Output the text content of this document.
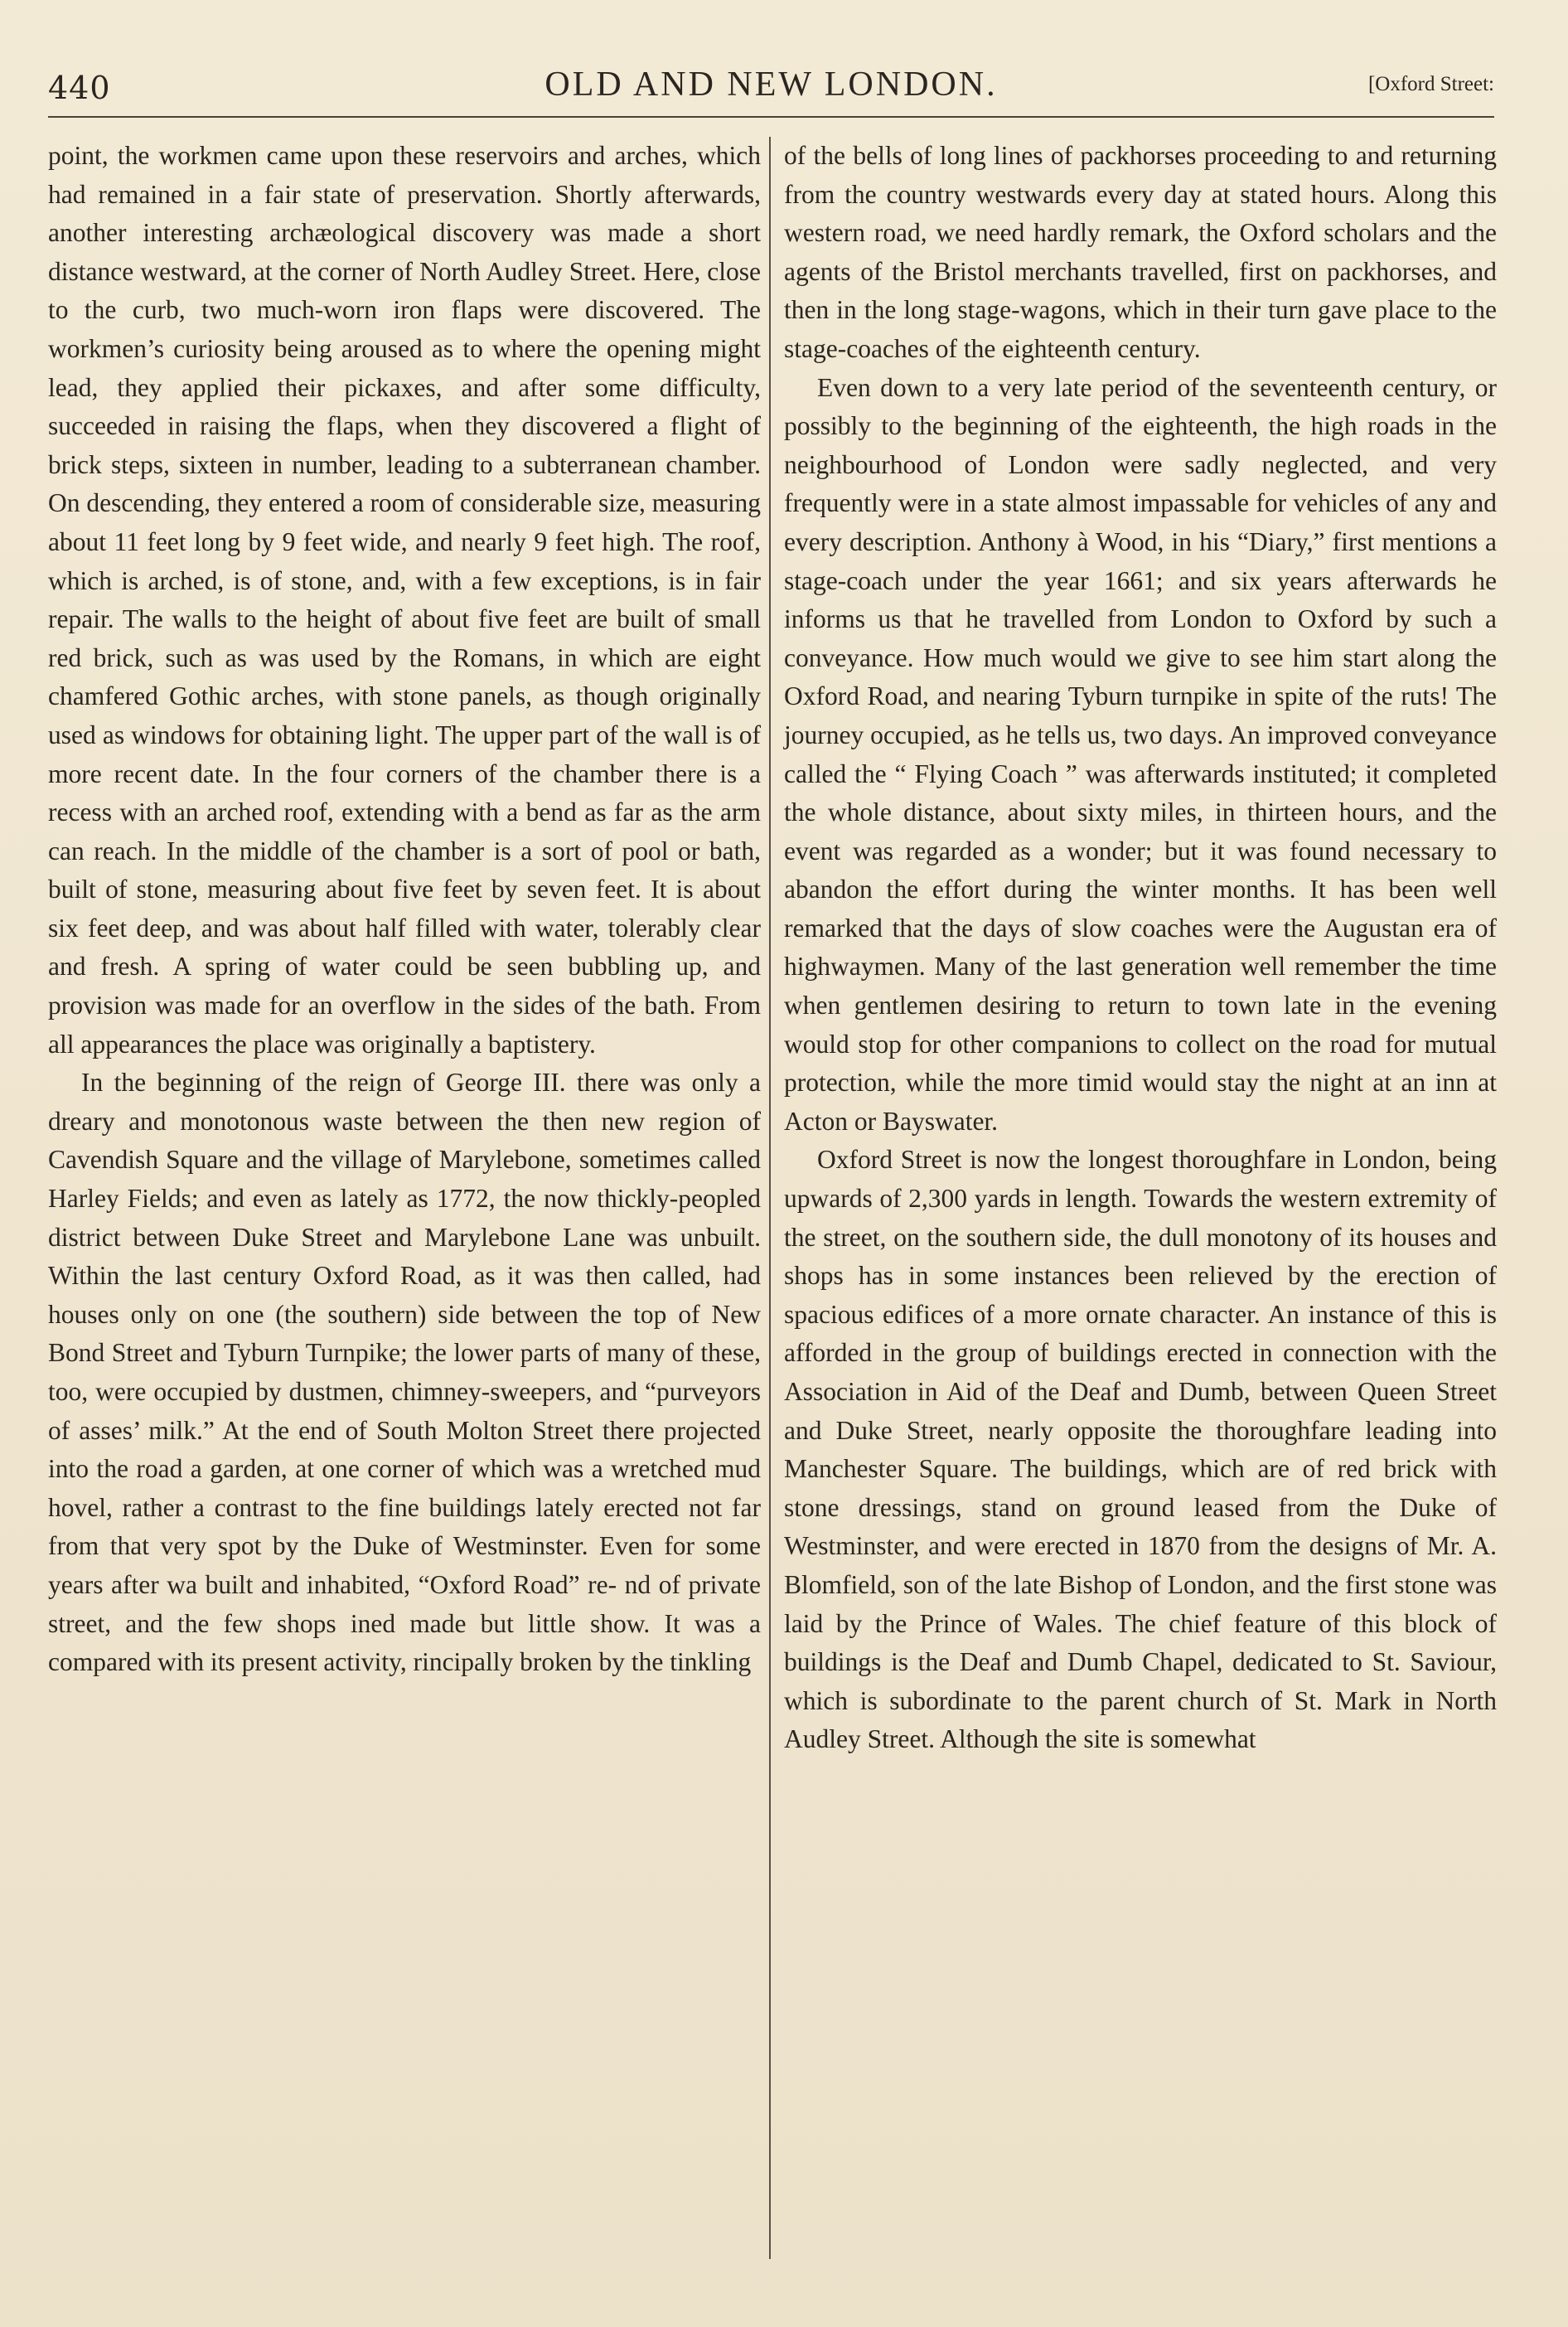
440	OLD AND NEW LONDON.	[Oxford Street:

point, the workmen came upon these reservoirs and arches, which had remained in a fair state of preservation. Shortly afterwards, another interesting archæological discovery was made a short distance westward, at the corner of North Audley Street. Here, close to the curb, two much-worn iron flaps were discovered. The workmen’s curiosity being aroused as to where the opening might lead, they applied their pickaxes, and after some difficulty, succeeded in raising the flaps, when they discovered a flight of brick steps, sixteen in number, leading to a subterranean chamber. On descending, they entered a room of considerable size, measuring about 11 feet long by 9 feet wide, and nearly 9 feet high. The roof, which is arched, is of stone, and, with a few exceptions, is in fair repair. The walls to the height of about five feet are built of small red brick, such as was used by the Romans, in which are eight chamfered Gothic arches, with stone panels, as though originally used as windows for obtaining light. The upper part of the wall is of more recent date. In the four corners of the chamber there is a recess with an arched roof, extending with a bend as far as the arm can reach. In the middle of the chamber is a sort of pool or bath, built of stone, measuring about five feet by seven feet. It is about six feet deep, and was about half filled with water, tolerably clear and fresh. A spring of water could be seen bubbling up, and provision was made for an overflow in the sides of the bath. From all appearances the place was originally a baptistery.

In the beginning of the reign of George III. there was only a dreary and monotonous waste between the then new region of Cavendish Square and the village of Marylebone, sometimes called Harley Fields; and even as lately as 1772, the now thickly-peopled district between Duke Street and Marylebone Lane was unbuilt. Within the last century Oxford Road, as it was then called, had houses only on one (the southern) side between the top of New Bond Street and Tyburn Turnpike; the lower parts of many of these, too, were occupied by dustmen, chimney-sweepers, and “purveyors of asses’ milk.” At the end of South Molton Street there projected into the road a garden, at one corner of which was a wretched mud hovel, rather a contrast to the fine buildings lately erected not far from that very spot by the Duke of Westminster. Even for some years after wa built and inhabited, “Oxford Road” re- nd of private street, and the few shops ined made but little show. It was a compared with its present activity, rincipally broken by the tinkling

of the bells of long lines of packhorses proceeding to and returning from the country westwards every day at stated hours. Along this western road, we need hardly remark, the Oxford scholars and the agents of the Bristol merchants travelled, first on packhorses, and then in the long stage-wagons, which in their turn gave place to the stage-coaches of the eighteenth century.

Even down to a very late period of the seventeenth century, or possibly to the beginning of the eighteenth, the high roads in the neighbourhood of London were sadly neglected, and very frequently were in a state almost impassable for vehicles of any and every description. Anthony à Wood, in his “Diary,” first mentions a stage-coach under the year 1661; and six years afterwards he informs us that he travelled from London to Oxford by such a conveyance. How much would we give to see him start along the Oxford Road, and nearing Tyburn turnpike in spite of the ruts! The journey occupied, as he tells us, two days. An improved conveyance called the “ Flying Coach ” was afterwards instituted; it completed the whole distance, about sixty miles, in thirteen hours, and the event was regarded as a wonder; but it was found necessary to abandon the effort during the winter months. It has been well remarked that the days of slow coaches were the Augustan era of highwaymen. Many of the last generation well remember the time when gentlemen desiring to return to town late in the evening would stop for other companions to collect on the road for mutual protection, while the more timid would stay the night at an inn at Acton or Bayswater.

Oxford Street is now the longest thoroughfare in London, being upwards of 2,300 yards in length. Towards the western extremity of the street, on the southern side, the dull monotony of its houses and shops has in some instances been relieved by the erection of spacious edifices of a more ornate character. An instance of this is afforded in the group of buildings erected in connection with the Association in Aid of the Deaf and Dumb, between Queen Street and Duke Street, nearly opposite the thoroughfare leading into Manchester Square. The buildings, which are of red brick with stone dressings, stand on ground leased from the Duke of Westminster, and were erected in 1870 from the designs of Mr. A. Blomfield, son of the late Bishop of London, and the first stone was laid by the Prince of Wales. The chief feature of this block of buildings is the Deaf and Dumb Chapel, dedicated to St. Saviour, which is subordinate to the parent church of St. Mark in North Audley Street. Although the site is somewhat
